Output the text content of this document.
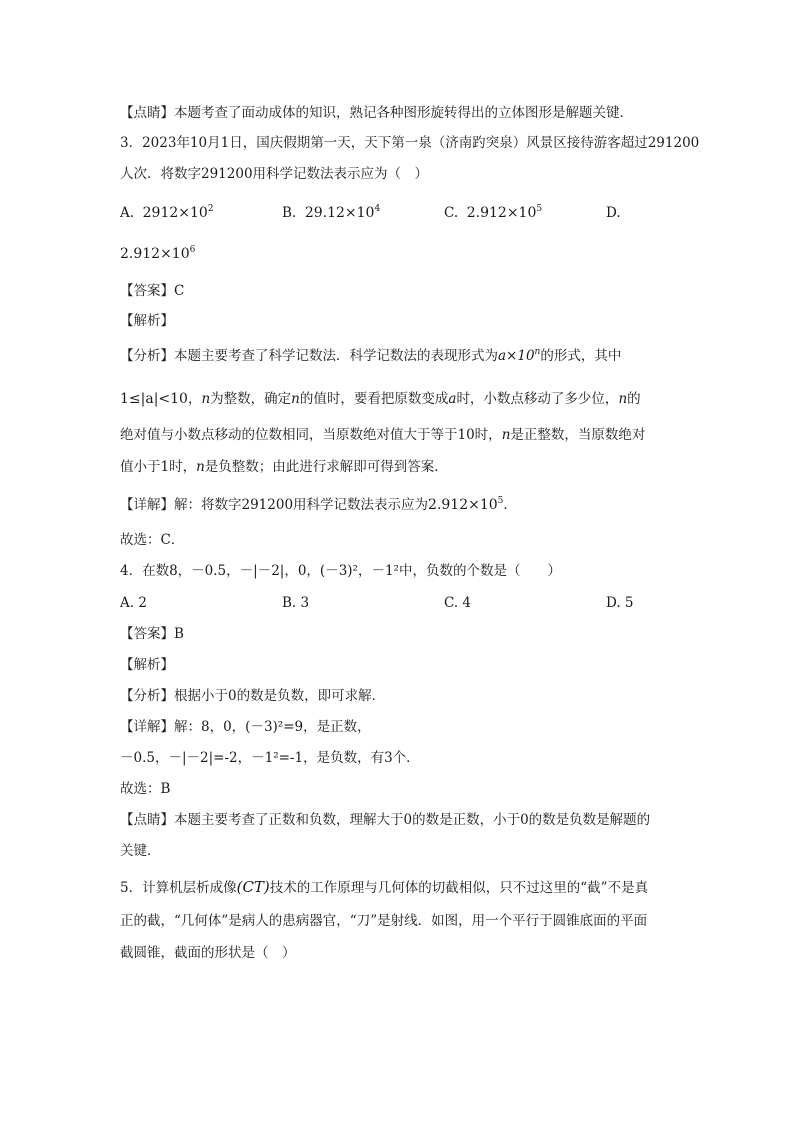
【点睛】本题考查了面动成体的知识，熟记各种图形旋转得出的立体图形是解题关键．
3．2023年10月1日，国庆假期第一天，天下第一泉（济南趵突泉）风景区接待游客超过291200
人次．将数字291200用科学记数法表示应为（　）
A. $2912\times 10^2$	B. $29.12\times 10^4$	C. $2.912\times 10^5$	D.
$2.912\times 10^6$
【答案】C
【解析】
【分析】本题主要考查了科学记数法．科学记数法的表现形式为$a\times 10^n$的形式，其中
1≤|a|<10，n为整数，确定n的值时，要看把原数变成a时，小数点移动了多少位，n的
绝对值与小数点移动的位数相同，当原数绝对值大于等于10时，n是正整数，当原数绝对
值小于1时，n是负整数；由此进行求解即可得到答案．
【详解】解：将数字291200用科学记数法表示应为$2.912\times 10^5$．
故选：C．
4．在数8，－0.5，－|－2|，0，(－3)²，－1²中，负数的个数是（　　）
A. 2	B. 3	C. 4	D. 5
【答案】B
【解析】
【分析】根据小于0的数是负数，即可求解．
【详解】解：8，0，(－3)²=9，是正数，
－0.5，－|－2|=-2，－1²=-1，是负数，有3个．
故选：B
【点睛】本题主要考查了正数和负数，理解大于0的数是正数，小于0的数是负数是解题的
关键．
5．计算机层析成像(CT)技术的工作原理与几何体的切截相似，只不过这里的“截”不是真
正的截，“几何体”是病人的患病器官，“刀”是射线．如图，用一个平行于圆锥底面的平面
截圆锥，截面的形状是（　）
